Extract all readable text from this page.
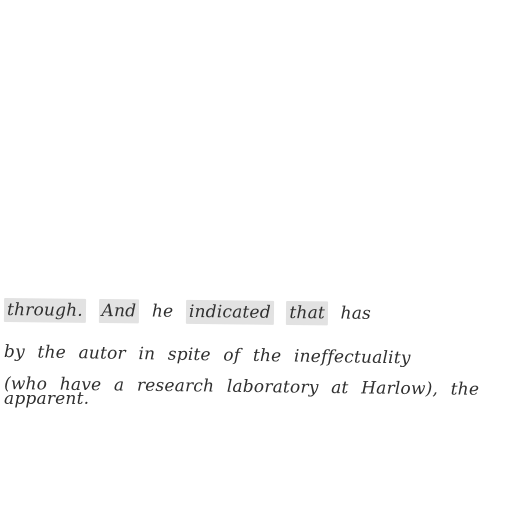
through. And he indicated that has
by the autor in spite of the ineffectuality
(who have a research laboratory at Harlow), the
apparent.
